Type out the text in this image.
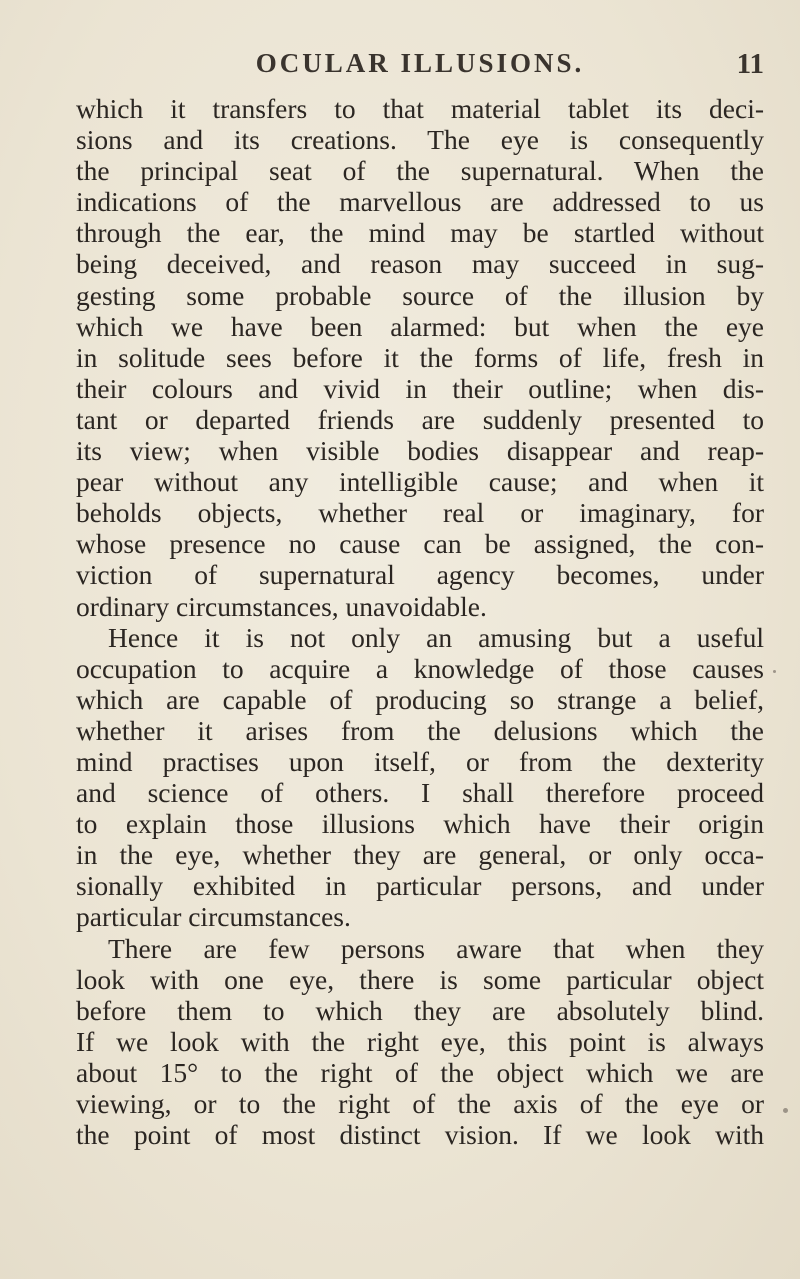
OCULAR ILLUSIONS.	11
which it transfers to that material tablet its deci-
sions and its creations. The eye is consequently
the principal seat of the supernatural. When the
indications of the marvellous are addressed to us
through the ear, the mind may be startled without
being deceived, and reason may succeed in sug-
gesting some probable source of the illusion by
which we have been alarmed: but when the eye
in solitude sees before it the forms of life, fresh in
their colours and vivid in their outline; when dis-
tant or departed friends are suddenly presented to
its view; when visible bodies disappear and reap-
pear without any intelligible cause; and when it
beholds objects, whether real or imaginary, for
whose presence no cause can be assigned, the con-
viction of supernatural agency becomes, under
ordinary circumstances, unavoidable.
Hence it is not only an amusing but a useful
occupation to acquire a knowledge of those causes
which are capable of producing so strange a belief,
whether it arises from the delusions which the
mind practises upon itself, or from the dexterity
and science of others. I shall therefore proceed
to explain those illusions which have their origin
in the eye, whether they are general, or only occa-
sionally exhibited in particular persons, and under
particular circumstances.
There are few persons aware that when they
look with one eye, there is some particular object
before them to which they are absolutely blind.
If we look with the right eye, this point is always
about 15° to the right of the object which we are
viewing, or to the right of the axis of the eye or
the point of most distinct vision. If we look with
